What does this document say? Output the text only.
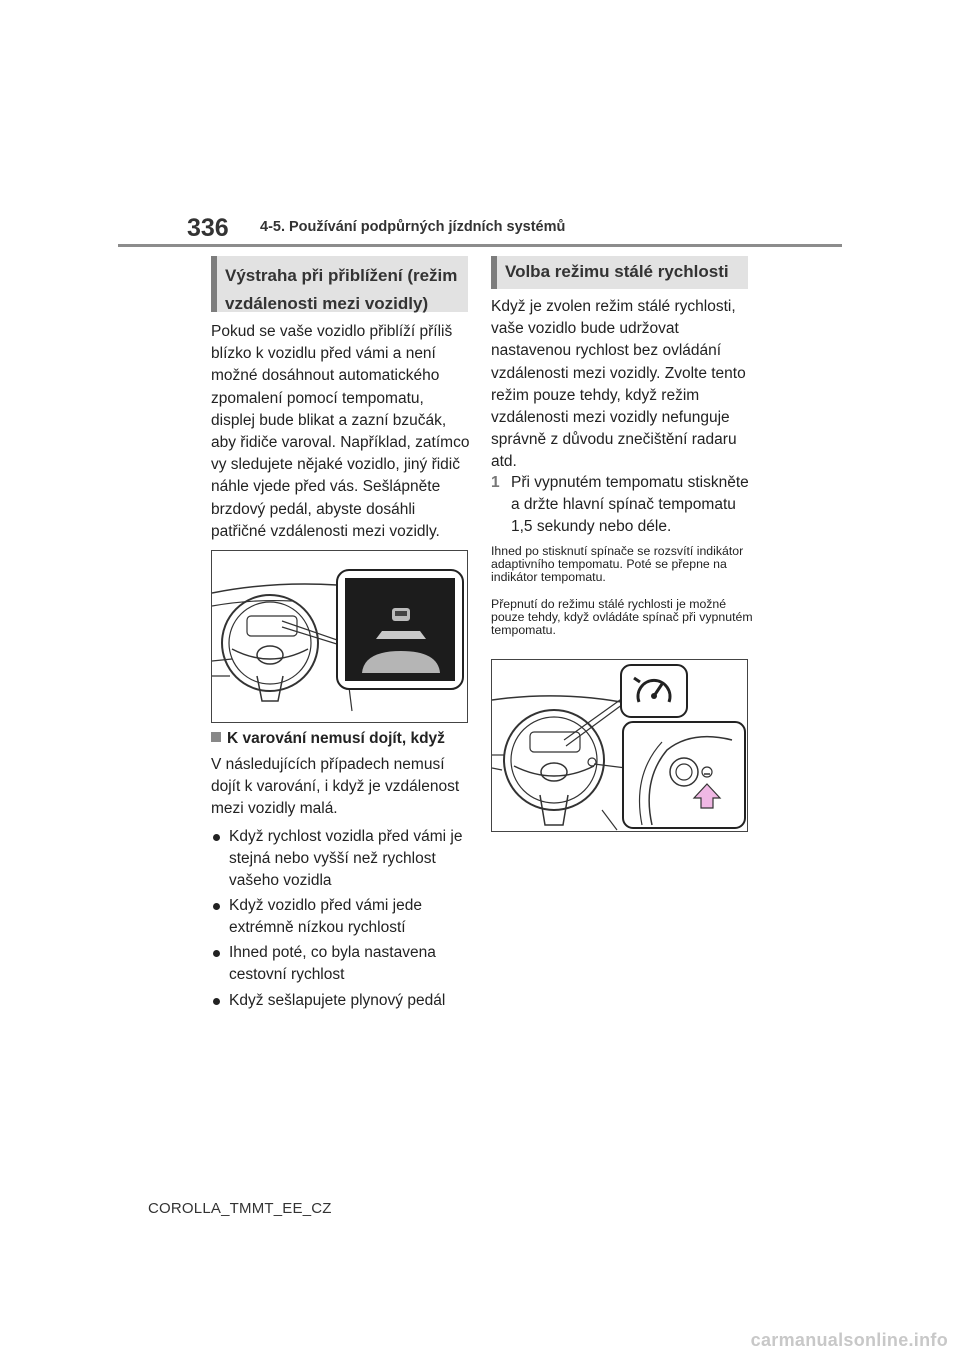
336 4-5. Používání podpůrných jízdních systémů
Výstraha při přiblížení (režim vzdálenosti mezi vozidly)
Pokud se vaše vozidlo přiblíží příliš blízko k vozidlu před vámi a není možné dosáhnout automatického zpomalení pomocí tempomatu, displej bude blikat a zazní bzučák, aby řidiče varoval. Například, zatímco vy sledujete nějaké vozidlo, jiný řidič náhle vjede před vás. Sešlápněte brzdový pedál, abyste dosáhli patřičné vzdálenosti mezi vozidly.
K varování nemusí dojít, když
V následujících případech nemusí dojít k varování, i když je vzdálenost mezi vozidly malá.
Když rychlost vozidla před vámi je stejná nebo vyšší než rychlost vašeho vozidla
Když vozidlo před vámi jede extrémně nízkou rychlostí
Ihned poté, co byla nastavena cestovní rychlost
Když sešlapujete plynový pedál
Volba režimu stálé rychlosti
Když je zvolen režim stálé rychlosti, vaše vozidlo bude udržovat nastavenou rychlost bez ovládání vzdálenosti mezi vozidly. Zvolte tento režim pouze tehdy, když režim vzdálenosti mezi vozidly nefunguje správně z důvodu znečištění radaru atd.
1 Při vypnutém tempomatu stiskněte a držte hlavní spínač tempomatu 1,5 sekundy nebo déle.
Ihned po stisknutí spínače se rozsvítí indikátor adaptivního tempomatu. Poté se přepne na indikátor tempomatu.
Přepnutí do režimu stálé rychlosti je možné pouze tehdy, když ovládáte spínač při vypnutém tempomatu.
COROLLA_TMMT_EE_CZ
carmanualsonline.info
